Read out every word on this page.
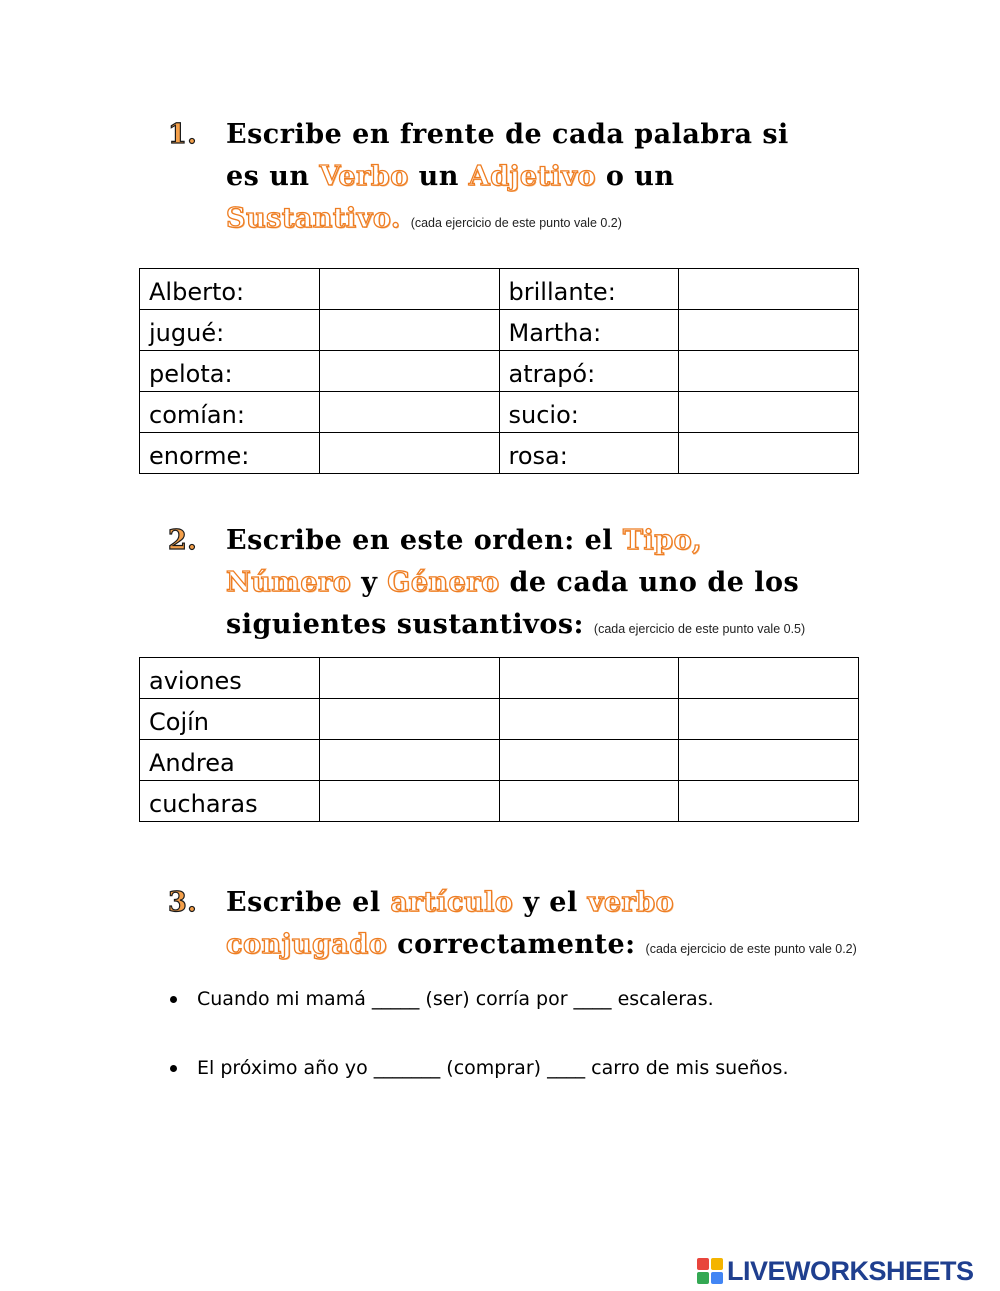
1. Escribe en frente de cada palabra si
es un Verbo un Adjetivo o un
Sustantivo. (cada ejercicio de este punto vale 0.2)
Alberto:		brillante:	
jugué:		Martha:	
pelota:		atrapó:	
comían:		sucio:	
enorme:		rosa:	
2. Escribe en este orden: el Tipo,
Número y Género de cada uno de los
siguientes sustantivos: (cada ejercicio de este punto vale 0.5)
aviones			
Cojín			
Andrea			
cucharas			
3. Escribe el artículo y el verbo
conjugado correctamente: (cada ejercicio de este punto vale 0.2)
Cuando mi mamá _____ (ser) corría por ____ escaleras.
El próximo año yo _______ (comprar) ____ carro de mis sueños.
LIVEWORKSHEETS
